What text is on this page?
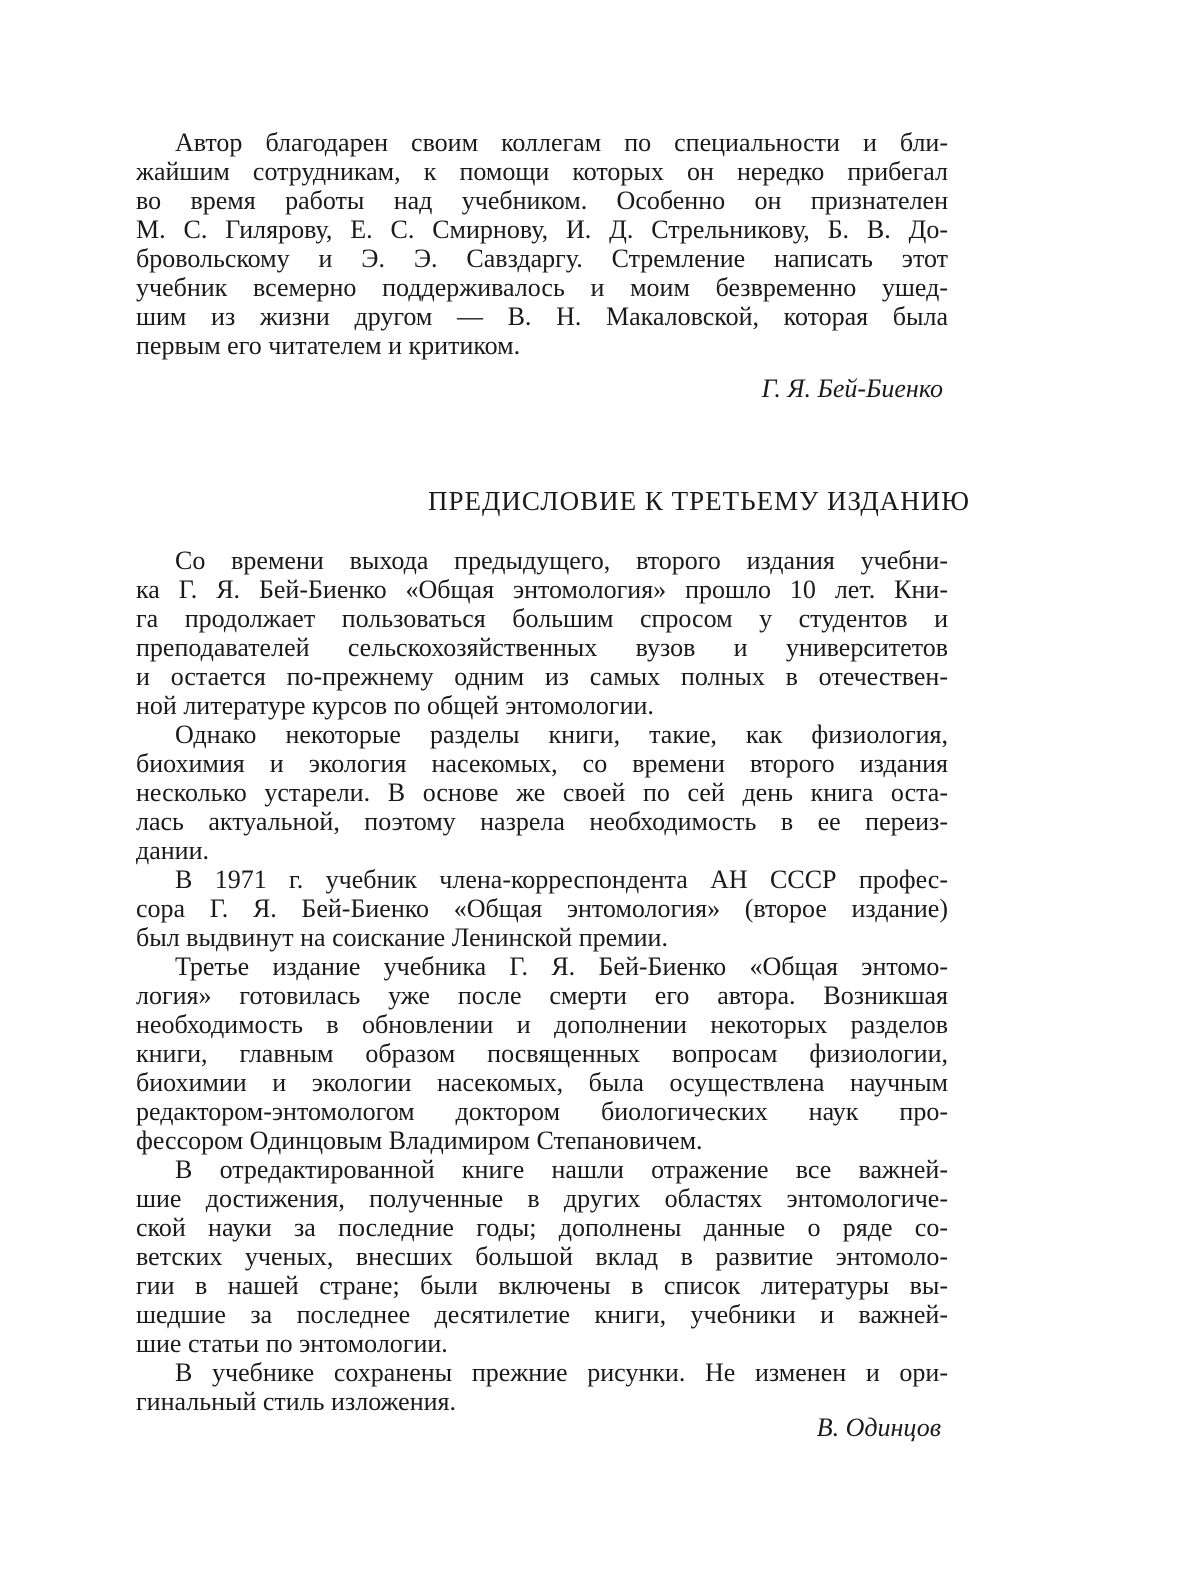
Автор благодарен своим коллегам по специальности и бли-
жайшим сотрудникам, к помощи которых он нередко прибегал
во время работы над учебником. Особенно он признателен
М. С. Гилярову, Е. С. Смирнову, И. Д. Стрельникову, Б. В. До-
бровольскому и Э. Э. Савздаргу. Стремление написать этот
учебник всемерно поддерживалось и моим безвременно ушед-
шим из жизни другом — В. Н. Макаловской, которая была
первым его читателем и критиком.
Г. Я. Бей-Биенко
ПРЕДИСЛОВИЕ К ТРЕТЬЕМУ ИЗДАНИЮ
Со времени выхода предыдущего, второго издания учебни-
ка Г. Я. Бей-Биенко «Общая энтомология» прошло 10 лет. Кни-
га продолжает пользоваться большим спросом у студентов и
преподавателей сельскохозяйственных вузов и университетов
и остается по-прежнему одним из самых полных в отечествен-
ной литературе курсов по общей энтомологии.
Однако некоторые разделы книги, такие, как физиология,
биохимия и экология насекомых, со времени второго издания
несколько устарели. В основе же своей по сей день книга оста-
лась актуальной, поэтому назрела необходимость в ее переиз-
дании.
В 1971 г. учебник члена-корреспондента АН СССР профес-
сора Г. Я. Бей-Биенко «Общая энтомология» (второе издание)
был выдвинут на соискание Ленинской премии.
Третье издание учебника Г. Я. Бей-Биенко «Общая энтомо-
логия» готовилась уже после смерти его автора. Возникшая
необходимость в обновлении и дополнении некоторых разделов
книги, главным образом посвященных вопросам физиологии,
биохимии и экологии насекомых, была осуществлена научным
редактором-энтомологом доктором биологических наук про-
фессором Одинцовым Владимиром Степановичем.
В отредактированной книге нашли отражение все важней-
шие достижения, полученные в других областях энтомологиче-
ской науки за последние годы; дополнены данные о ряде со-
ветских ученых, внесших большой вклад в развитие энтомоло-
гии в нашей стране; были включены в список литературы вы-
шедшие за последнее десятилетие книги, учебники и важней-
шие статьи по энтомологии.
В учебнике сохранены прежние рисунки. Не изменен и ори-
гинальный стиль изложения.
В. Одинцов
